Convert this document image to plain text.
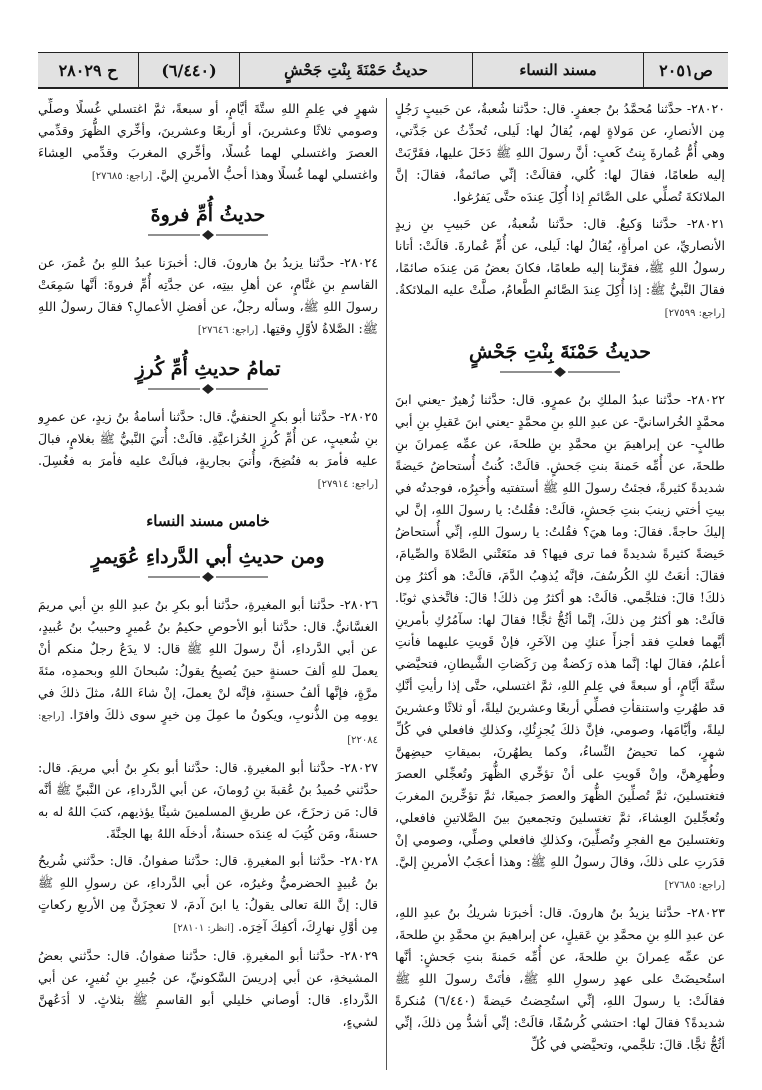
ص٢٠٥١
مسند النساء
حديثُ حَمْنَةَ بِنْتِ جَحْشٍ
(٦/٤٤٠)
ح ٢٨٠٢٩

٢٨٠٢٠- حدَّثنا مُحمَّدُ بنُ جعفرٍ. قال: حدَّثنا شُعبةُ، عن حَبيبٍ رَجُلٍ مِن الأنصارِ، عن مَولاةٍ لهم، يُقالُ لها: لَيلى، تُحدِّثُ عن جَدَّتي، وهي أُمُّ عُمارةَ بِنتُ كَعبٍ: أنَّ رسولَ اللهِ ﷺ دَخَلَ عليها، فقَرَّبَتْ إليه طعامًا، فقالَ لها: كُلي، فقالَتْ: إنِّي صائمةٌ، فقالَ: إنَّ الملائكةَ تُصلِّي على الصَّائمِ إذا أُكِلَ عِندَه حتَّى يَفرُغوا.

٢٨٠٢١- حدَّثنا وَكيعٌ. قال: حدَّثنا شُعبةُ، عن حَبيبِ بنِ زيدٍ الأنصاريِّ، عن امرأةٍ، يُقالُ لها: لَيلى، عن أُمِّ عُمارةَ. قالَتْ: أتانا رسولُ اللهِ ﷺ، فقرَّبنا إليه طعامًا، فكانَ بعضُ مَن عِندَه صائمًا، فقالَ النَّبيُّ ﷺ: إذا أُكِلَ عِندَ الصَّائمِ الطَّعامُ، صلَّتْ عليه الملائكةُ. [راجع: ٢٧٥٩٩]

حديثُ حَمْنَةَ بِنْتِ جَحْشٍ

٢٨٠٢٢- حدَّثنا عبدُ الملكِ بنُ عمرٍو. قال: حدَّثنا زُهيرٌ -يعني ابنَ محمَّدٍ الخُراسانيَّ- عن عبدِ اللهِ بنِ محمَّدٍ -يعني ابنَ عَقيلِ بنِ أبي طالبٍ- عن إبراهيمَ بنِ محمَّدِ بنِ طلحةَ، عن عمِّه عِمرانَ بنِ طلحةَ، عن أُمِّه حَمنةَ بنتِ جَحشٍ. قالَتْ: كُنتُ أُستحاضُ حَيضةً شديدةً كثيرةً، فجئتُ رسولَ اللهِ ﷺ أستفتيه وأُخبِرُه، فوجدتُه في بيتِ أختي زينبَ بنتِ جَحشٍ، قالَتْ: فقُلتُ: يا رسولَ اللهِ، إنَّ لي إليكَ حاجةً. فقالَ: وما هيَ؟ فقُلتُ: يا رسولَ اللهِ، إنِّي أُستحاضُ حَيضةً كثيرةً شديدةً فما ترى فيها؟ قد منَعَتْني الصَّلاةَ والصِّيامَ، فقالَ: أنعَتُ لكِ الكُرسُفَ، فإنَّه يُذهِبُ الدَّمَ، قالَتْ: هو أكثرُ مِن ذلكَ! قالَ: فتلجَّمي. قالَتْ: هو أكثرُ مِن ذلكَ! قالَ: فاتَّخذي ثوبًا. قالَتْ: هو أكثرُ مِن ذلكَ، إنَّما أثُجُّ ثجًّا! فقالَ لها: سآمُرُكِ بأمرينِ أيَّهما فعلتِ فقد أجزأَ عنكِ مِن الآخَرِ، فإنْ قَويتِ عليهما فأنتِ أعلمُ، فقالَ لها: إنَّما هذه رَكضةٌ مِن رَكَضاتِ الشَّيطانِ، فتحيَّضي ستَّةَ أيَّامٍ، أو سبعةً في عِلمِ اللهِ، ثمَّ اغتسلي، حتَّى إذا رأيتِ أنَّكِ قد طهُرتِ واستنقأتِ فصلِّي أربعًا وعشرينَ ليلةً، أو ثلاثًا وعشرينَ ليلةً، وأيَّامَها، وصومي، فإنَّ ذلكَ يُجزِئُكِ، وكذلكِ فافعلي في كُلِّ شهرٍ، كما تحيضُ النِّساءُ، وكما يطهُرنَ، بميقاتِ حيضِهنَّ وطُهرِهنَّ، وإنْ قَويتِ على أنْ تؤخِّري الظُّهرَ وتُعجِّلي العصرَ فتغتسلينَ، ثمَّ تُصلِّينَ الظُّهرَ والعصرَ جميعًا، ثمَّ تؤخِّرينَ المغربَ وتُعجِّلينَ العِشاءَ، ثمَّ تغتسلينَ وتجمعينَ بينَ الصَّلاتينِ فافعلي، وتغتسلينَ مع الفجرِ وتُصلِّينَ، وكذلكِ فافعلي وصلِّي، وصومي إنْ قدَرتِ على ذلكَ، وقالَ رسولُ اللهِ ﷺ: وهذا أعجَبُ الأمرينِ إليَّ. [راجع: ٢٧٦٨٥]

٢٨٠٢٣- حدَّثنا يزيدُ بنُ هارونَ. قال: أخبرَنا شريكُ بنُ عبدِ اللهِ، عن عبدِ اللهِ بنِ محمَّدِ بنِ عَقيلٍ، عن إبراهيمَ بنِ محمَّدِ بنِ طلحةَ، عن عمِّه عِمرانَ بنِ طلحةَ، عن أُمِّه حَمنةَ بنتِ جَحشٍ: أنَّها استُحيضَتْ على عهدِ رسولِ اللهِ ﷺ، فأتَتْ رسولَ اللهِ ﷺ فقالَتْ: يا رسولَ اللهِ، إنِّي استُحِضتُ حَيضةً (٦/٤٤٠) مُنكرةً شديدةً؟ فقالَ لها: احتشي كُرسُفًا، قالَتْ: إنِّي أشدُّ مِن ذلكَ، إنِّي أثُجُّ ثجًّا. قالَ: تلجَّمي، وتحيَّضي في كُلِّ

شهرٍ في عِلمِ اللهِ ستَّةَ أيَّامٍ، أو سبعةً، ثمَّ اغتسلي غُسلًا وصلِّي وصومي ثلاثًا وعشرينَ، أو أربعًا وعشرينَ، وأخِّري الظُّهرَ وقدِّمي العصرَ واغتسلي لهما غُسلًا، وأخِّري المغربَ وقدِّمي العِشاءَ واغتسلي لهما غُسلًا وهذا أحبُّ الأمرينِ إليَّ. [راجع: ٢٧٦٨٥]

حديثُ أُمِّ فروةَ

٢٨٠٢٤- حدَّثنا يزيدُ بنُ هارونَ. قال: أخبرَنا عبدُ اللهِ بنُ عُمرَ، عن القاسمِ بنِ غنَّامٍ، عن أهلِ بيتِه، عن جدَّتِه أُمِّ فروةَ: أنَّها سَمِعَتْ رسولَ اللهِ ﷺ، وسأله رجلٌ، عن أفضلِ الأعمالِ؟ فقالَ رسولُ اللهِ ﷺ: الصَّلاةُ لأوَّلِ وقتِها. [راجع: ٢٧٦٤٦]

تمامُ حديثِ أُمِّ كُرزٍ

٢٨٠٢٥- حدَّثنا أبو بكرٍ الحنفيُّ. قال: حدَّثنا أسامةُ بنُ زيدٍ، عن عمرِو بنِ شُعيبٍ، عن أُمِّ كُرزٍ الخُزاعيَّةِ. قالَتْ: أُتيَ النَّبيُّ ﷺ بغلامٍ، فبالَ عليه فأمرَ به فنُضِحَ، وأُتيَ بجاريةٍ، فبالَتْ عليه فأمرَ به فغُسِلَ. [راجع: ٢٧٩١٤]

خامس مسند النساء
ومن حديثِ أبي الدَّرداءِ عُوَيمرٍ

٢٨٠٢٦- حدَّثنا أبو المغيرةِ، حدَّثنا أبو بكرِ بنُ عبدِ اللهِ بنِ أبي مريمَ الغسَّانيُّ. قال: حدَّثنا أبو الأحوصِ حكيمُ بنُ عُميرٍ وحبيبُ بنُ عُبيدٍ، عن أبي الدَّرداءِ، أنَّ رسولَ اللهِ ﷺ قال: لا يدَعُ رجلٌ منكم أنْ يعملَ للهِ ألفَ حسنةٍ حينَ يُصبِحُ يقولُ: سُبحانَ اللهِ وبحمدِه، مئةَ مرَّةٍ، فإنَّها ألفُ حسنةٍ، فإنَّه لنْ يعملَ، إنْ شاءَ اللهُ، مثلَ ذلكَ في يومِه مِن الذُّنوبِ، ويكونُ ما عمِلَ مِن خيرٍ سوى ذلكَ وافرًا. [راجع: ٢٢٠٨٤]

٢٨٠٢٧- حدَّثنا أبو المغيرةِ. قال: حدَّثنا أبو بكرِ بنُ أبي مريمَ. قال: حدَّثني حُميدُ بنُ عُقبةَ بنِ رُومانَ، عن أبي الدَّرداءِ، عن النَّبيِّ ﷺ أنَّه قال: مَن زحزَحَ، عن طريقِ المسلمينَ شيئًا يؤذيهم، كتبَ اللهُ له به حسنةً، ومَن كُتِبَ له عِندَه حسنةٌ، أدخلَه اللهُ بها الجنَّةَ.

٢٨٠٢٨- حدَّثنا أبو المغيرةِ. قال: حدَّثنا صفوانُ. قال: حدَّثني شُريحُ بنُ عُبيدٍ الحضرميُّ وغيرُه، عن أبي الدَّرداءِ، عن رسولِ اللهِ ﷺ قال: إنَّ اللهَ تعالى يقولُ: يا ابنَ آدمَ، لا تعجِزَنَّ مِن الأربعِ ركعاتٍ مِن أوَّلِ نهارِكَ، أكفِكَ آخِرَه. [انظر: ٢٨١٠١]

٢٨٠٢٩- حدَّثنا أبو المغيرةِ. قال: حدَّثنا صفوانُ. قال: حدَّثني بعضُ المشيخةِ، عن أبي إدريسَ السَّكونيِّ، عن جُبيرِ بنِ نُفيرٍ، عن أبي الدَّرداءِ. قال: أوصاني خليلي أبو القاسمِ ﷺ بثلاثٍ. لا أدَعُهنَّ لشيءٍ،
